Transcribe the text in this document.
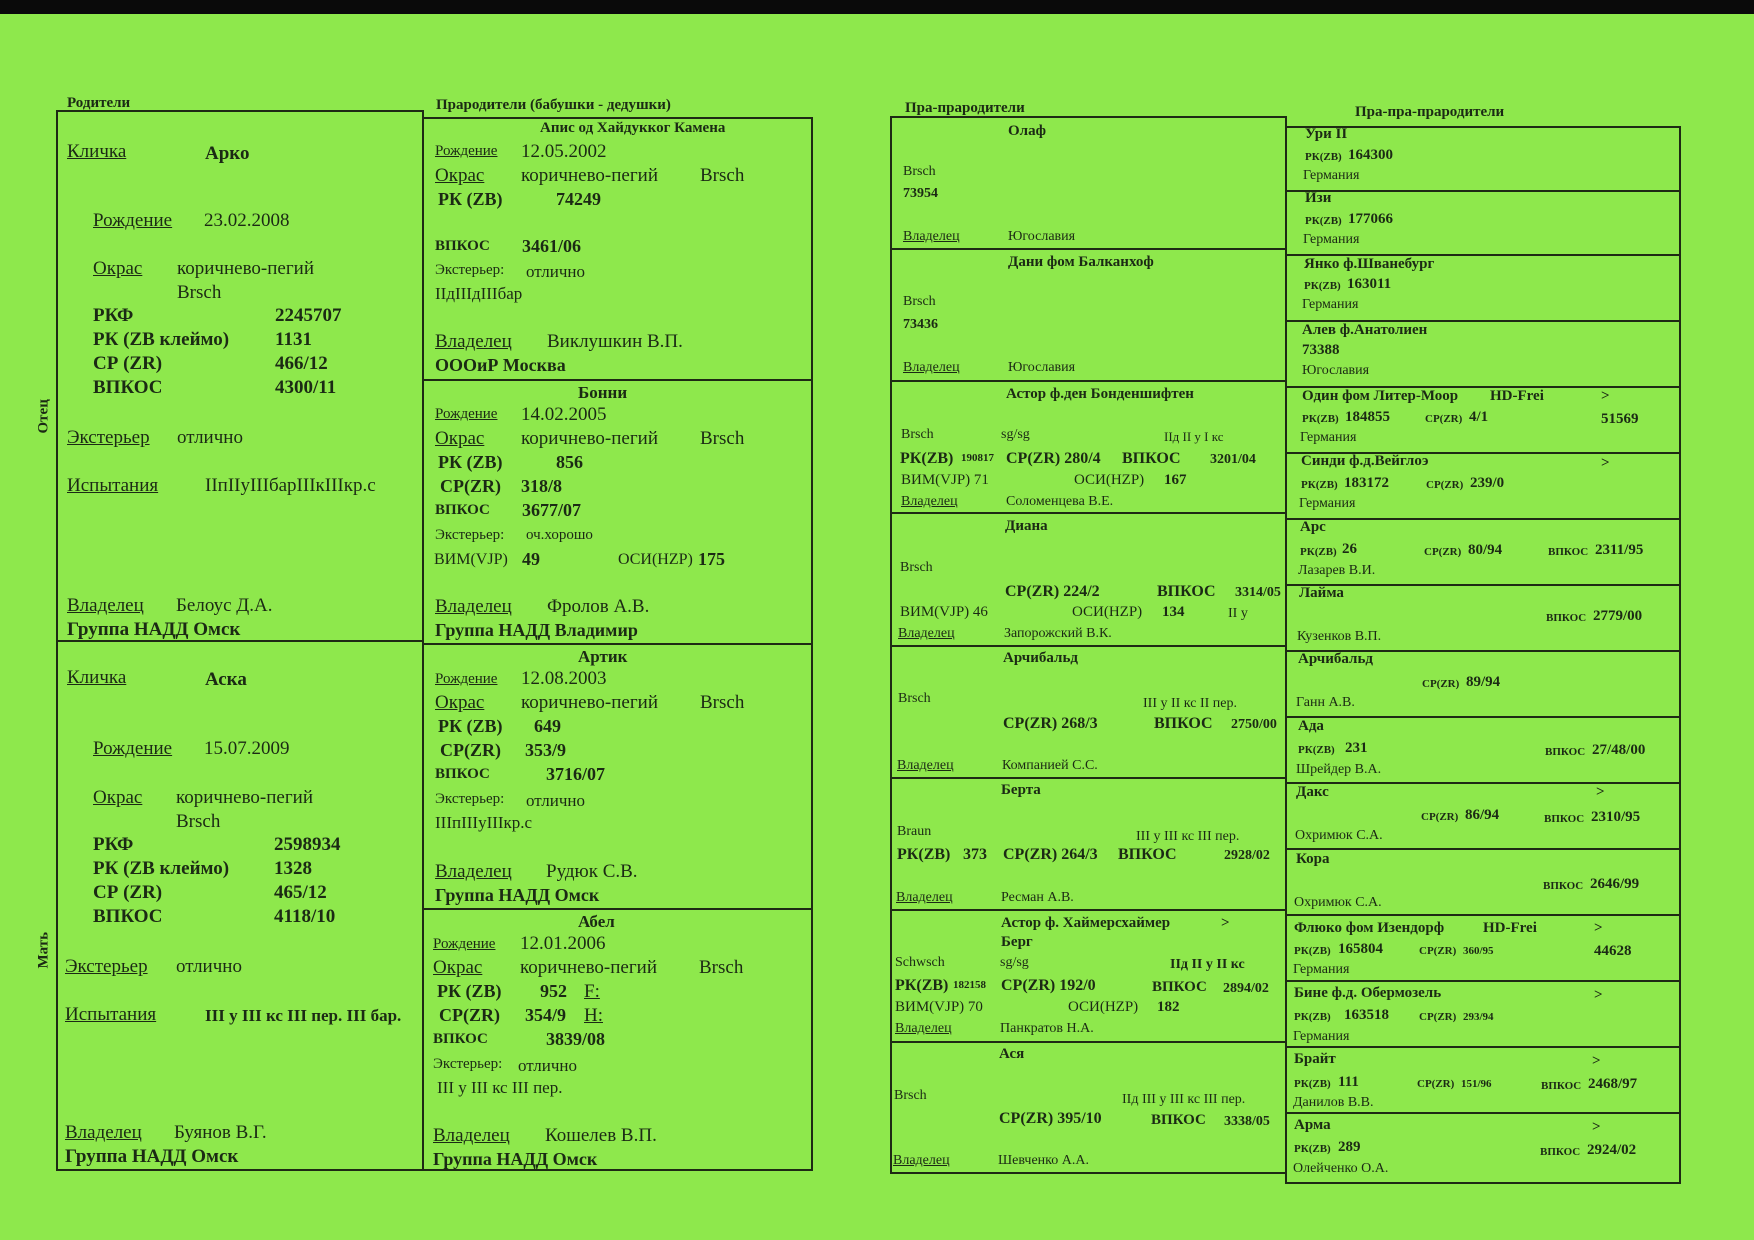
Родители	Прародители (бабушки - дедушки)	Пра-прародители	Пра-пра-прародители
Отец
Мать
Кличка	Арко
Рождение 23.02.2008
Окрас коричнево-пегий
Brsch
РКФ	2245707
РК (ZB клеймо) 1131
СР (ZR)	466/12
ВПКОС	4300/11
Экстерьер отлично
Испытания IIпIIуIIIбарIIIкIIIкр.с
Владелец Белоус Д.А.
Группа НАДД Омск
Кличка	Аска
Рождение 15.07.2009
Окрас коричнево-пегий
Brsch
РКФ	2598934
РК (ZB клеймо) 1328
СР (ZR)	465/12
ВПКОС	4118/10
Экстерьер отлично
Испытания	III у III кс III пер. III бар.
Владелец Буянов В.Г.
Группа НАДД Омск
Апис од Хайдукког Камена
Рождение 12.05.2002
Окрас коричнево-пегий Brsch
РК (ZB)	74249
ВПКОС 3461/06
Экстерьер: отлично
IIдIIIдIIIбар
Владелец Виклушкин В.П.
ОООиР Москва
Бонни
Рождение 14.02.2005
Окрас коричнево-пегий Brsch
РК (ZB)	856
СР(ZR) 318/8
ВПКОС 3677/07
Экстерьер: оч.хорошо
ВИМ(VJP) 49	ОСИ(HZP) 175
Владелец Фролов А.В.
Группа НАДД Владимир
Артик
Рождение 12.08.2003
Окрас коричнево-пегий Brsch
РК (ZB) 649
СР(ZR) 353/9
ВПКОС	3716/07
Экстерьер: отлично
IIIпIIIуIIIкр.с
Владелец Рудюк С.В.
Группа НАДД Омск
Абел
Рождение 12.01.2006
Окрас коричнево-пегий Brsch
РК (ZB) 952 F:
СР(ZR) 354/9 H:
ВПКОС	3839/08
Экстерьер: отлично
III у III кс III пер.
Владелец Кошелев В.П.
Группа НАДД Омск
Олаф
Brsch
73954
Владелец	Югославия
Дани фом Балканхоф
Brsch
73436
Владелец	Югославия
Астор ф.ден Бонденшифтен
Brsch	sg/sg	IIд II у I кс
РК(ZB) 190817 СР(ZR) 280/4 ВПКОС 3201/04
ВИМ(VJP) 71	ОСИ(HZP) 167
Владелец	Соломенцева В.Е.
Диана
Brsch
СР(ZR) 224/2	ВПКОС 3314/05
ВИМ(VJP) 46	ОСИ(HZP) 134	II у
Владелец	Запорожский В.К.
Арчибальд
Brsch	III у II кс II пер.
СР(ZR) 268/3	ВПКОС 2750/00
Владелец	Компанией С.С.
Берта
Braun	III у III кс III пер.
РК(ZB) 373 СР(ZR) 264/3 ВПКОС	2928/02
Владелец	Ресман А.В.
Астор ф. Хаймерсхаймер	>
Берг
Schwsch	sg/sg	IIд II у II кс
РК(ZB) 182158 СР(ZR) 192/0	ВПКОС 2894/02
ВИМ(VJP) 70	ОСИ(HZP) 182
Владелец	Панкратов Н.А.
Ася
Brsch	IIд III у III кс III пер.
СР(ZR) 395/10	ВПКОС 3338/05
Владелец	Шевченко А.А.
Ури II
РК(ZB) 164300
Германия
Изи
РК(ZB) 177066
Германия
Янко ф.Шванебург
РК(ZB) 163011
Германия
Алев ф.Анатолиен
73388
Югославия
Один фом Литер-Моор HD-Frei	>
РК(ZB) 184855	СР(ZR) 4/1	51569
Германия
Синди ф.д.Вейглоэ	>
РК(ZB) 183172	СР(ZR) 239/0
Германия
Арс
РК(ZB) 26	СР(ZR) 80/94	ВПКОС 2311/95
Лазарев В.И.
Лайма
ВПКОС 2779/00
Кузенков В.П.
Арчибальд
СР(ZR) 89/94
Ганн А.В.
Ада
РК(ZB) 231	ВПКОС 27/48/00
Шрейдер В.А.
Дакс	>
СР(ZR) 86/94	ВПКОС 2310/95
Охримюк С.А.
Кора
ВПКОС 2646/99
Охримюк С.А.
Флюко фом Изендорф	HD-Frei	>
РК(ZB) 165804	СР(ZR) 360/95	44628
Германия
Бине ф.д. Обермозель	>
РК(ZB) 163518	СР(ZR) 293/94
Германия
Брайт	>
РК(ZB) 111	СР(ZR) 151/96	ВПКОС 2468/97
Данилов В.В.
Арма	>
РК(ZB) 289	ВПКОС 2924/02
Олейченко О.А.
